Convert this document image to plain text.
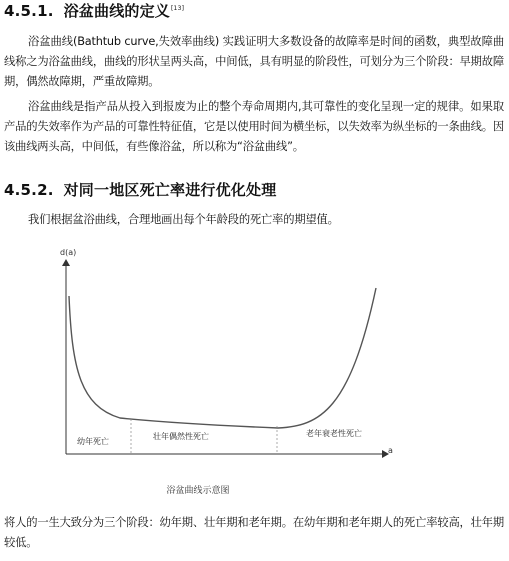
4.5.1. 浴盆曲线的定义[13]

浴盆曲线(Bathtub curve,失效率曲线) 实践证明大多数设备的故障率是时间的函数，典型故障曲线称之为浴盆曲线，曲线的形状呈两头高，中间低，具有明显的阶段性，可划分为三个阶段：早期故障期，偶然故障期，严重故障期。

浴盆曲线是指产品从投入到报废为止的整个寿命周期内,其可靠性的变化呈现一定的规律。如果取产品的失效率作为产品的可靠性特征值，它是以使用时间为横坐标，以失效率为纵坐标的一条曲线。因该曲线两头高，中间低，有些像浴盆，所以称为“浴盆曲线”。

4.5.2. 对同一地区死亡率进行优化处理

我们根据盆浴曲线，合理地画出每个年龄段的死亡率的期望值。

d(a)
a
幼年死亡
壮年偶然性死亡	老年衰老性死亡
浴盆曲线示意图

将人的一生大致分为三个阶段：幼年期、壮年期和老年期。在幼年期和老年期人的死亡率较高，壮年期较低。
